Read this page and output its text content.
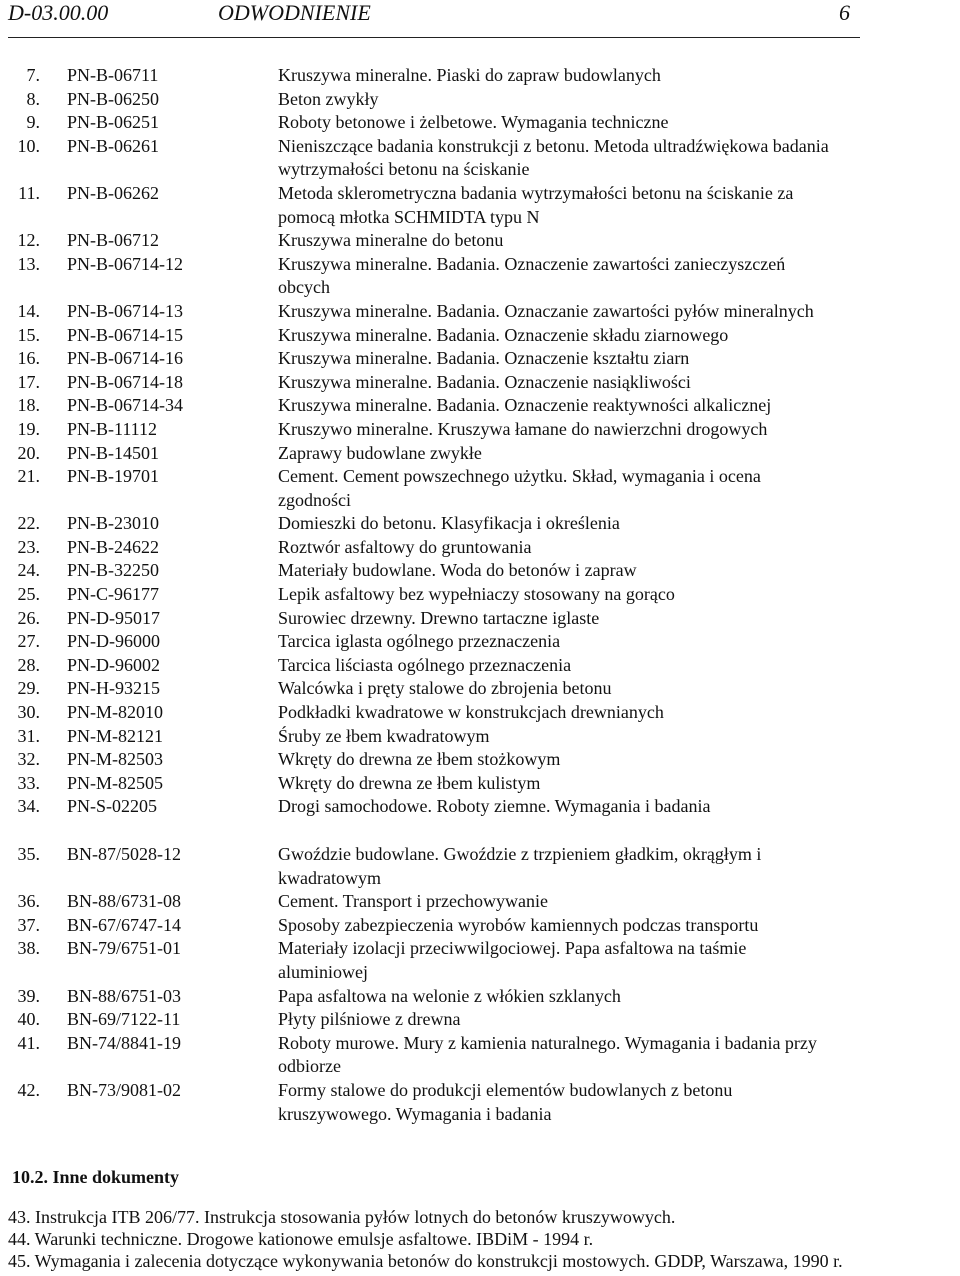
D-03.00.00	ODWODNIENIE	6
7. PN-B-06711	Kruszywa mineralne. Piaski do zapraw budowlanych
8. PN-B-06250	Beton zwykły
9. PN-B-06251	Roboty betonowe i żelbetowe. Wymagania techniczne
10. PN-B-06261	Nieniszczące badania konstrukcji z betonu. Metoda ultradźwiękowa badania wytrzymałości betonu na ściskanie
11. PN-B-06262	Metoda sklerometryczna badania wytrzymałości betonu na ściskanie za pomocą młotka SCHMIDTA typu N
12. PN-B-06712	Kruszywa mineralne do betonu
13. PN-B-06714-12	Kruszywa mineralne. Badania. Oznaczenie zawartości zanieczyszczeń obcych
14. PN-B-06714-13	Kruszywa mineralne. Badania. Oznaczanie zawartości pyłów mineralnych
15. PN-B-06714-15	Kruszywa mineralne. Badania. Oznaczenie składu ziarnowego
16. PN-B-06714-16	Kruszywa mineralne. Badania. Oznaczenie kształtu ziarn
17. PN-B-06714-18	Kruszywa mineralne. Badania. Oznaczenie nasiąkliwości
18. PN-B-06714-34	Kruszywa mineralne. Badania. Oznaczenie reaktywności alkalicznej
19. PN-B-11112	Kruszywo mineralne. Kruszywa łamane do nawierzchni drogowych
20. PN-B-14501	Zaprawy budowlane zwykłe
21. PN-B-19701	Cement. Cement powszechnego użytku. Skład, wymagania i ocena zgodności
22. PN-B-23010	Domieszki do betonu. Klasyfikacja i określenia
23. PN-B-24622	Roztwór asfaltowy do gruntowania
24. PN-B-32250	Materiały budowlane. Woda do betonów i zapraw
25. PN-C-96177	Lepik asfaltowy bez wypełniaczy stosowany na gorąco
26. PN-D-95017	Surowiec drzewny. Drewno tartaczne iglaste
27. PN-D-96000	Tarcica iglasta ogólnego przeznaczenia
28. PN-D-96002	Tarcica liściasta ogólnego przeznaczenia
29. PN-H-93215	Walcówka i pręty stalowe do zbrojenia betonu
30. PN-M-82010	Podkładki kwadratowe w konstrukcjach drewnianych
31. PN-M-82121	Śruby ze łbem kwadratowym
32. PN-M-82503	Wkręty do drewna ze łbem stożkowym
33. PN-M-82505	Wkręty do drewna ze łbem kulistym
34. PN-S-02205	Drogi samochodowe. Roboty ziemne. Wymagania i badania
35. BN-87/5028-12	Gwoździe budowlane. Gwoździe z trzpieniem gładkim, okrągłym i kwadratowym
36. BN-88/6731-08	Cement. Transport i przechowywanie
37. BN-67/6747-14	Sposoby zabezpieczenia wyrobów kamiennych podczas transportu
38. BN-79/6751-01	Materiały izolacji przeciwwilgociowej. Papa asfaltowa na taśmie aluminiowej
39. BN-88/6751-03	Papa asfaltowa na welonie z włókien szklanych
40. BN-69/7122-11	Płyty pilśniowe z drewna
41. BN-74/8841-19	Roboty murowe. Mury z kamienia naturalnego. Wymagania i badania przy odbiorze
42. BN-73/9081-02	Formy stalowe do produkcji elementów budowlanych z betonu kruszywowego. Wymagania i badania
10.2. Inne dokumenty
43. Instrukcja ITB 206/77. Instrukcja stosowania pyłów lotnych do betonów kruszywowych.
44. Warunki techniczne. Drogowe kationowe emulsje asfaltowe. IBDiM - 1994 r.
45. Wymagania i zalecenia dotyczące wykonywania betonów do konstrukcji mostowych. GDDP, Warszawa, 1990 r.
